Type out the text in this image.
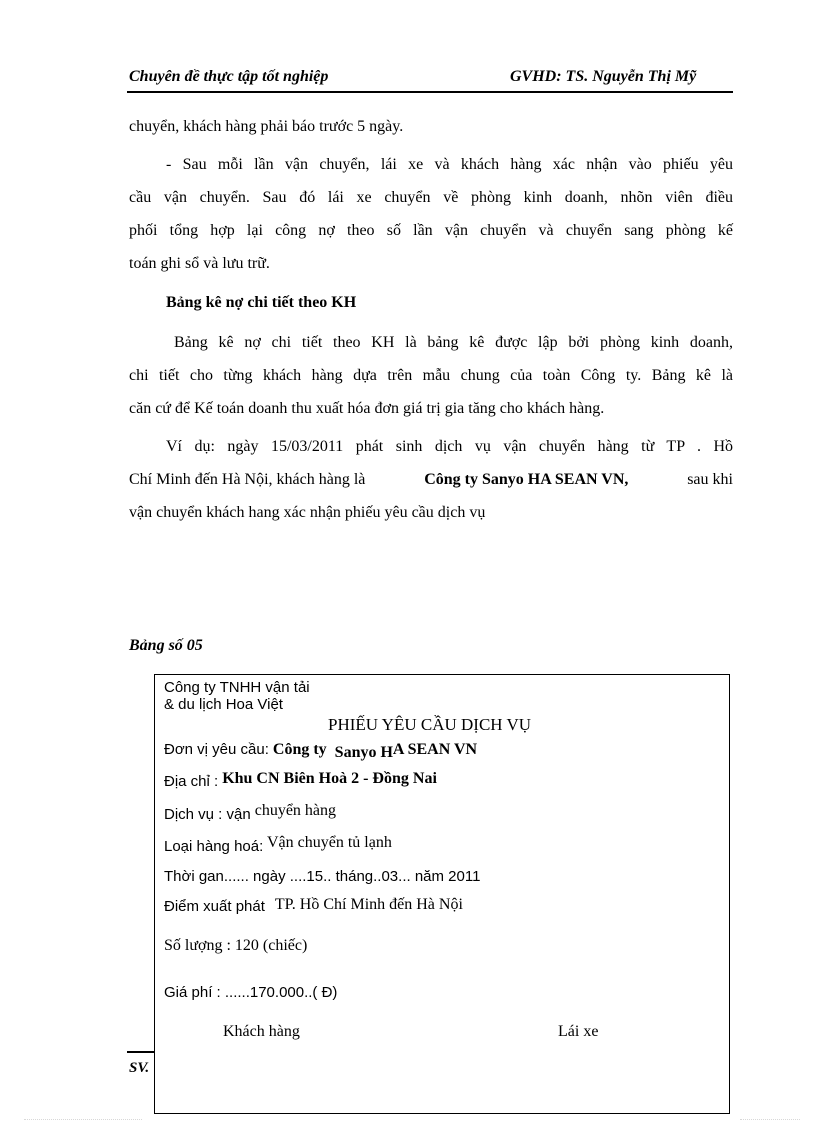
Chuyên đề thực tập tốt nghiệp	GVHD: TS. Nguyễn Thị Mỹ
chuyển, khách hàng phải báo trước 5 ngày.
- Sau mỗi lần vận chuyển, lái xe và khách hàng xác nhận vào phiếu yêu
cầu vận chuyển. Sau đó lái xe chuyển về phòng kinh doanh, nhõn viên điều
phối tổng hợp lại công nợ theo số lần vận chuyển và chuyển sang phòng kế
toán ghi sổ và lưu trữ.
Bảng kê nợ chi tiết theo KH
Bảng kê nợ chi tiết theo KH là bảng kê được lập bởi phòng kinh doanh,
chi tiết cho từng khách hàng dựa trên mẫu chung của toàn Công ty. Bảng kê là
căn cứ để Kế toán doanh thu xuất hóa đơn giá trị gia tăng cho khách hàng.
Ví dụ: ngày 15/03/2011 phát sinh dịch vụ vận chuyển hàng từ TP . Hồ
Chí Minh đến Hà Nội, khách hàng là	Công ty Sanyo HA SEAN VN,	sau khi
vận chuyển khách hang xác nhận phiếu yêu cầu dịch vụ
Bảng số 05
Công ty TNHH vận tải
& du lịch Hoa Việt
PHIẾU YÊU CẦU DỊCH VỤ
Đơn vị yêu cầu: Công ty Sanyo HA SEAN VN
Địa chỉ : Khu CN Biên Hoà 2 - Đồng Nai
Dịch vụ : vận chuyển hàng
Loại hàng hoá: Vận chuyển tủ lạnh
Thời gan...... ngày ....15.. tháng..03... năm 2011
Điểm xuất phát TP. Hồ Chí Minh đến Hà Nội
Số lượng : 120 (chiếc)
Giá phí : ......170.000..( Đ)
Khách hàng	Lái xe
SV.
